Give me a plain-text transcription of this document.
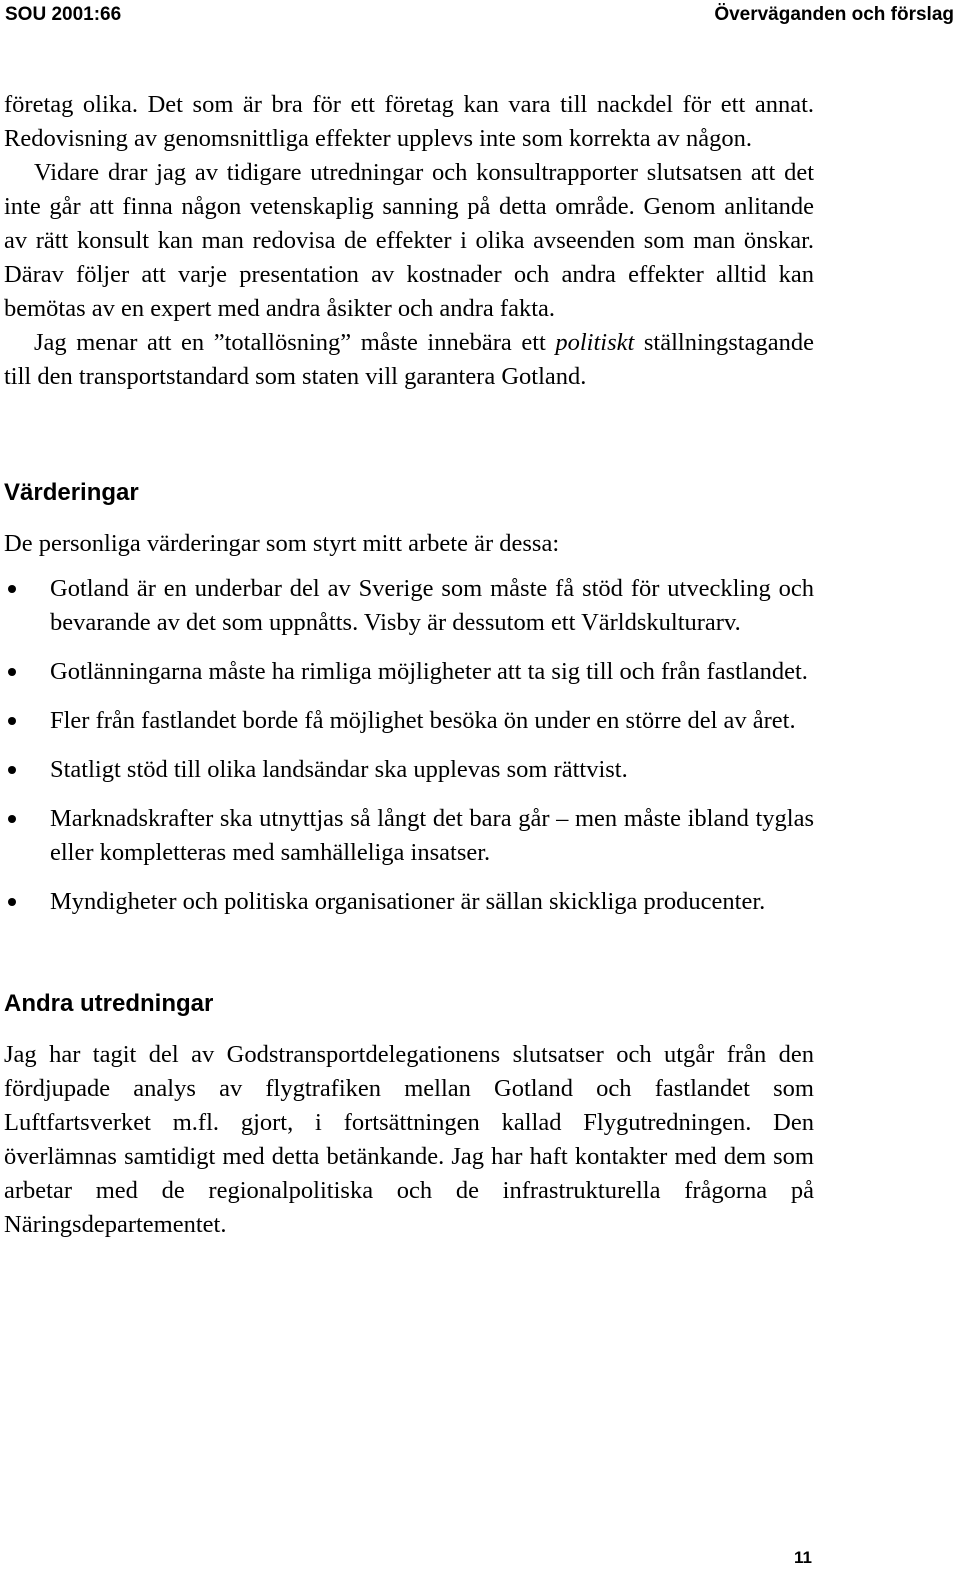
SOU 2001:66	Överväganden och förslag

företag olika. Det som är bra för ett företag kan vara till nackdel för ett annat. Redovisning av genomsnittliga effekter upplevs inte som korrekta av någon.

Vidare drar jag av tidigare utredningar och konsultrapporter slutsatsen att det inte går att finna någon vetenskaplig sanning på detta område. Genom anlitande av rätt konsult kan man redovisa de effekter i olika avseenden som man önskar. Därav följer att varje presentation av kostnader och andra effekter alltid kan bemötas av en expert med andra åsikter och andra fakta.

Jag menar att en ”totallösning” måste innebära ett politiskt ställningstagande till den transportstandard som staten vill garantera Gotland.

Värderingar

De personliga värderingar som styrt mitt arbete är dessa:

Gotland är en underbar del av Sverige som måste få stöd för utveckling och bevarande av det som uppnåtts. Visby är dessutom ett Världskulturarv.
Gotlänningarna måste ha rimliga möjligheter att ta sig till och från fastlandet.
Fler från fastlandet borde få möjlighet besöka ön under en större del av året.
Statligt stöd till olika landsändar ska upplevas som rättvist.
Marknadskrafter ska utnyttjas så långt det bara går – men måste ibland tyglas eller kompletteras med samhälleliga insatser.
Myndigheter och politiska organisationer är sällan skickliga producenter.
Andra utredningar

Jag har tagit del av Godstransportdelegationens slutsatser och utgår från den fördjupade analys av flygtrafiken mellan Gotland och fastlandet som Luftfartsverket m.fl. gjort, i fortsättningen kallad Flygutredningen. Den överlämnas samtidigt med detta betänkande. Jag har haft kontakter med dem som arbetar med de regionalpolitiska och de infrastrukturella frågorna på Näringsdepartementet.

11
